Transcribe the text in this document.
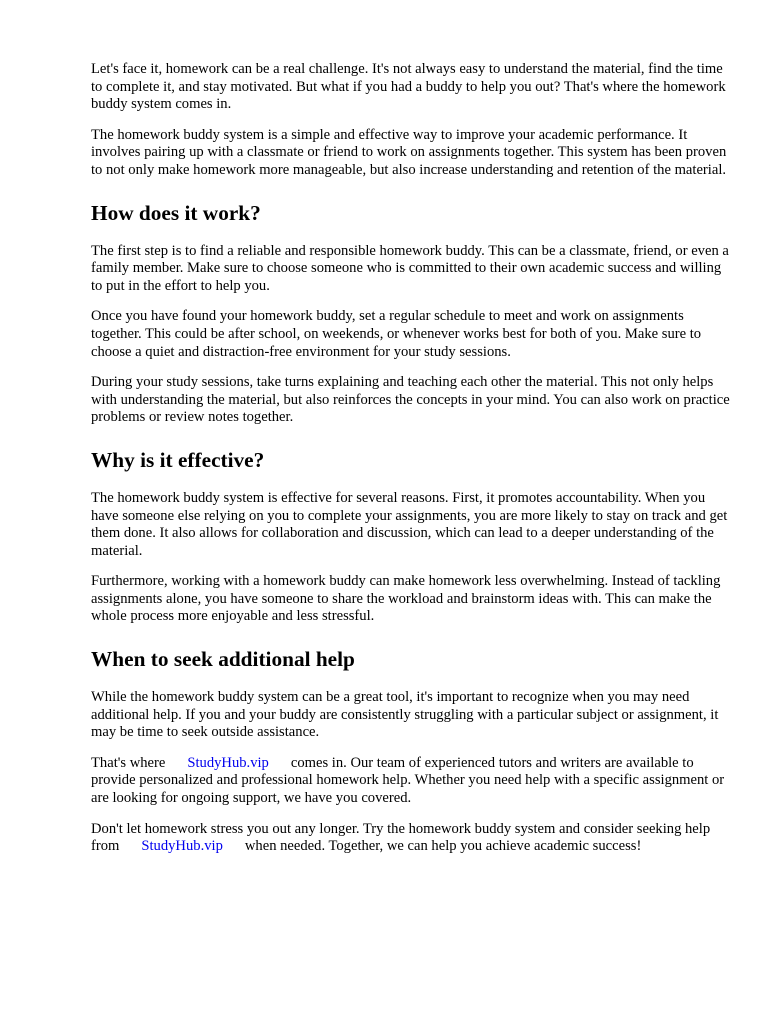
Let's face it, homework can be a real challenge. It's not always easy to understand the material, find the time to complete it, and stay motivated. But what if you had a buddy to help you out? That's where the homework buddy system comes in.

The homework buddy system is a simple and effective way to improve your academic performance. It involves pairing up with a classmate or friend to work on assignments together. This system has been proven to not only make homework more manageable, but also increase understanding and retention of the material.

How does it work?

The first step is to find a reliable and responsible homework buddy. This can be a classmate, friend, or even a family member. Make sure to choose someone who is committed to their own academic success and willing to put in the effort to help you.

Once you have found your homework buddy, set a regular schedule to meet and work on assignments together. This could be after school, on weekends, or whenever works best for both of you. Make sure to choose a quiet and distraction-free environment for your study sessions.

During your study sessions, take turns explaining and teaching each other the material. This not only helps with understanding the material, but also reinforces the concepts in your mind. You can also work on practice problems or review notes together.

Why is it effective?

The homework buddy system is effective for several reasons. First, it promotes accountability. When you have someone else relying on you to complete your assignments, you are more likely to stay on track and get them done. It also allows for collaboration and discussion, which can lead to a deeper understanding of the material.

Furthermore, working with a homework buddy can make homework less overwhelming. Instead of tackling assignments alone, you have someone to share the workload and brainstorm ideas with. This can make the whole process more enjoyable and less stressful.

When to seek additional help

While the homework buddy system can be a great tool, it's important to recognize when you may need additional help. If you and your buddy are consistently struggling with a particular subject or assignment, it may be time to seek outside assistance.

That's where StudyHub.vip comes in. Our team of experienced tutors and writers are available to provide personalized and professional homework help. Whether you need help with a specific assignment or are looking for ongoing support, we have you covered.

Don't let homework stress you out any longer. Try the homework buddy system and consider seeking help from StudyHub.vip when needed. Together, we can help you achieve academic success!
